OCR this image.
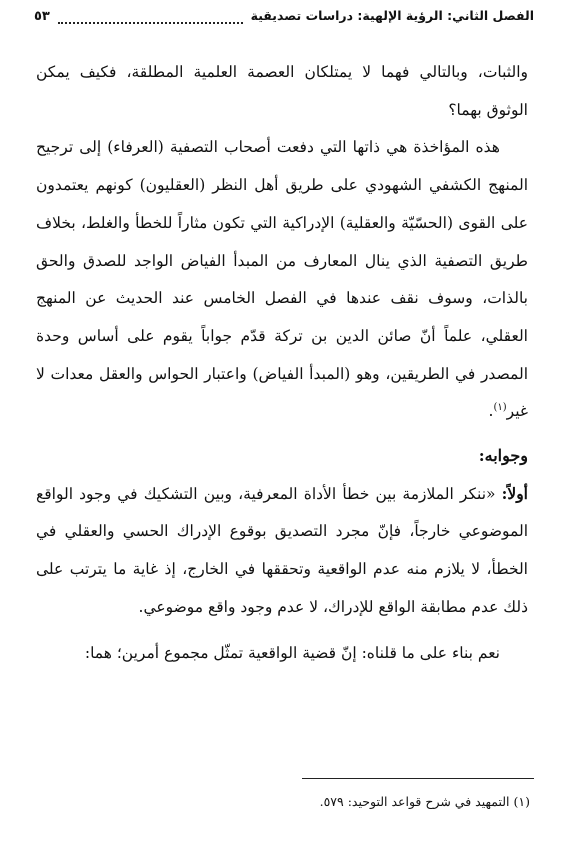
الفصل الثاني: الرؤية الإلهية: دراسات تصديقية
٥٣

والثبات، وبالتالي فهما لا يمتلكان العصمة العلمية المطلقة، فكيف يمكن الوثوق بهما؟

هذه المؤاخذة هي ذاتها التي دفعت أصحاب التصفية (العرفاء) إلى ترجيح المنهج الكشفي الشهودي على طريق أهل النظر (العقليون) كونهم يعتمدون على القوى (الحسّيّة والعقلية) الإدراكية التي تكون مثاراً للخطأ والغلط، بخلاف طريق التصفية الذي ينال المعارف من المبدأ الفياض الواجد للصدق والحق بالذات، وسوف نقف عندها في الفصل الخامس عند الحديث عن المنهج العقلي، علماً أنّ صائن الدين بن تركة قدّم جواباً يقوم على أساس وحدة المصدر في الطريقين، وهو (المبدأ الفياض) واعتبار الحواس والعقل معدات لا غير$^{(١)}$.

وجوابه:

أولاً: «ننكر الملازمة بين خطأ الأداة المعرفية، وبين التشكيك في وجود الواقع الموضوعي خارجاً، فإنّ مجرد التصديق بوقوع الإدراك الحسي والعقلي في الخطأ، لا يلازم منه عدم الواقعية وتحققها في الخارج، إذ غاية ما يترتب على ذلك عدم مطابقة الواقع للإدراك، لا عدم وجود واقع موضوعي.

نعم بناء على ما قلناه: إنّ قضية الواقعية تمثّل مجموع أمرين؛ هما:

(١) التمهيد في شرح قواعد التوحيد: ٥٧٩.
